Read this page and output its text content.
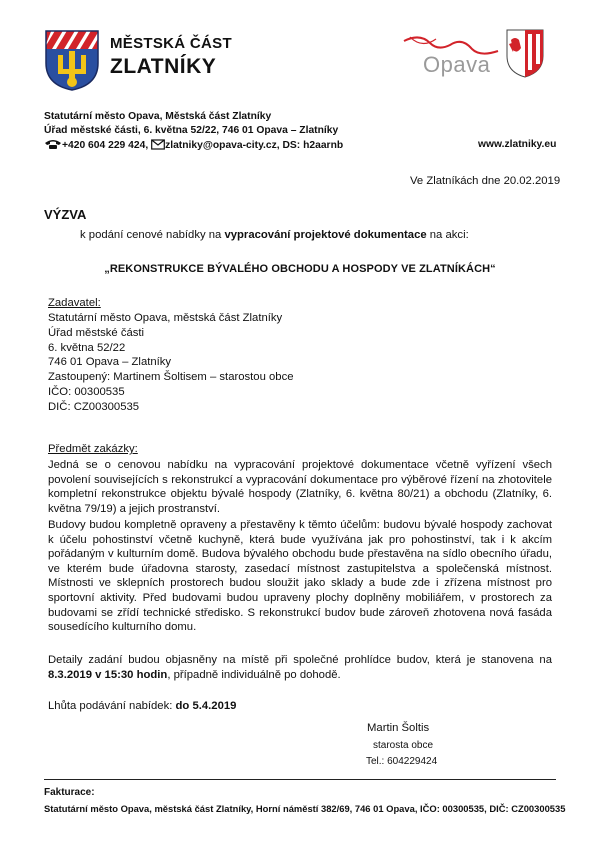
MĚSTSKÁ ČÁST
ZLATNÍKY	Opava
Statutární město Opava, Městská část Zlatníky
Úřad městské části, 6. května 52/22, 746 01 Opava – Zlatníky
+420 604 229 424, zlatniky@opava-city.cz, DS: h2aarnb	www.zlatniky.eu
Ve Zlatníkách dne 20.02.2019
VÝZVA
k podání cenové nabídky na vypracování projektové dokumentace na akci:
„REKONSTRUKCE BÝVALÉHO OBCHODU A HOSPODY VE ZLATNÍKÁCH“
Zadavatel:
Statutární město Opava, městská část Zlatníky
Úřad městské části
6. května 52/22
746 01 Opava – Zlatníky
Zastoupený: Martinem Šoltisem – starostou obce
IČO: 00300535
DIČ: CZ00300535
Předmět zakázky:
Jedná se o cenovou nabídku na vypracování projektové dokumentace včetně vyřízení všech povolení souvisejících s rekonstrukcí a vypracování dokumentace pro výběrové řízení na zhotovitele kompletní rekonstrukce objektu bývalé hospody (Zlatníky, 6. května 80/21) a obchodu (Zlatníky, 6. května 79/19) a jejich prostranství.
Budovy budou kompletně opraveny a přestavěny k těmto účelům: budovu bývalé hospody zachovat k účelu pohostinství včetně kuchyně, která bude využívána jak pro pohostinství, tak i k akcím pořádaným v kulturním domě. Budova bývalého obchodu bude přestavěna na sídlo obecního úřadu, ve kterém bude úřadovna starosty, zasedací místnost zastupitelstva a společenská místnost. Místnosti ve sklepních prostorech budou sloužit jako sklady a bude zde i zřízena místnost pro sportovní aktivity. Před budovami budou upraveny plochy doplněny mobiliářem, v prostorech za budovami se zřídí technické středisko. S rekonstrukcí budov bude zároveň zhotovena nová fasáda sousedícího kulturního domu.
Detaily zadání budou objasněny na místě při společné prohlídce budov, která je stanovena na 8.3.2019 v 15:30 hodin, případně individuálně po dohodě.
Lhůta podávání nabídek: do 5.4.2019
Martin Šoltis
starosta obce
Tel.: 604229424
Fakturace:
Statutární město Opava, městská část Zlatníky, Horní náměstí 382/69, 746 01 Opava, IČO: 00300535, DIČ: CZ00300535
